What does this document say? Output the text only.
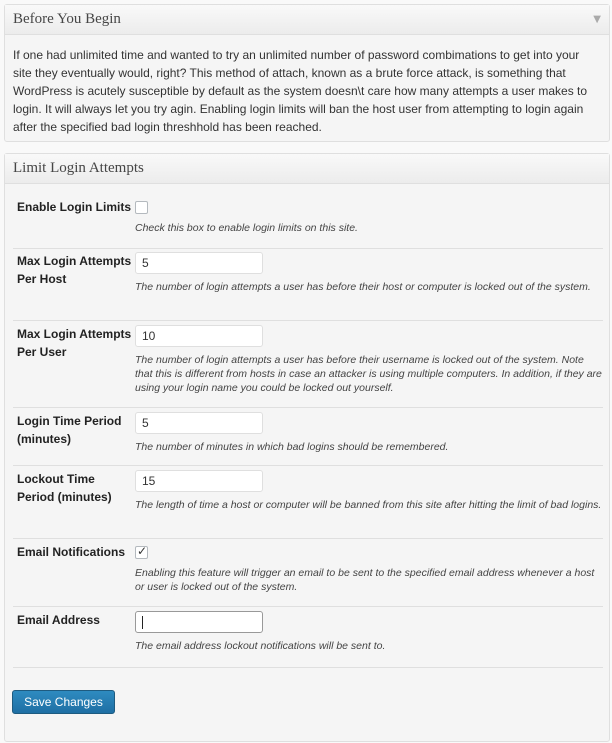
Before You Begin	▼
If one had unlimited time and wanted to try an unlimited number of password combimations to get into your site they eventually would, right? This method of attach, known as a brute force attack, is something that WordPress is acutely susceptible by default as the system doesn\t care how many attempts a user makes to login. It will always let you try agin. Enabling login limits will ban the host user from attempting to login again after the specified bad login threshhold has been reached.
Limit Login Attempts
Enable Login Limits
Check this box to enable login limits on this site.
Max Login Attempts Per Host
5
The number of login attempts a user has before their host or computer is locked out of the system.
Max Login Attempts Per User
10
The number of login attempts a user has before their username is locked out of the system. Note that this is different from hosts in case an attacker is using multiple computers. In addition, if they are using your login name you could be locked out yourself.
Login Time Period (minutes)
5
The number of minutes in which bad logins should be remembered.
Lockout Time Period (minutes)
15
The length of time a host or computer will be banned from this site after hitting the limit of bad logins.
Email Notifications ✓
Enabling this feature will trigger an email to be sent to the specified email address whenever a host or user is locked out of the system.
Email Address
The email address lockout notifications will be sent to.
Save Changes
